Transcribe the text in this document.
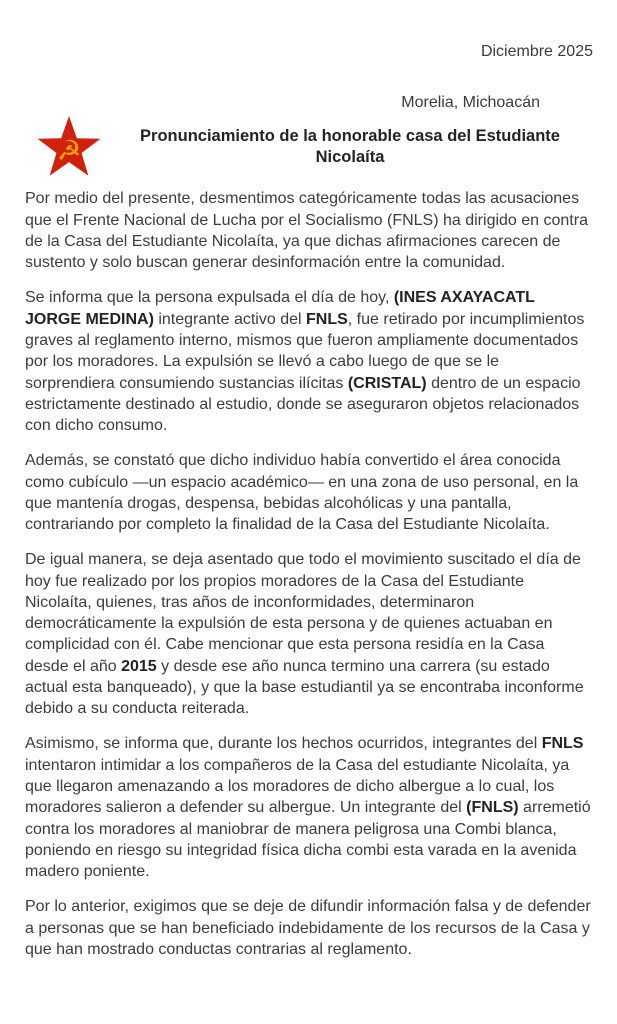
Diciembre 2025
Morelia, Michoacán
☭	Pronunciamiento de la honorable casa del Estudiante Nicolaíta

Por medio del presente, desmentimos categóricamente todas las acusaciones que el Frente Nacional de Lucha por el Socialismo (FNLS) ha dirigido en contra de la Casa del Estudiante Nicolaíta, ya que dichas afirmaciones carecen de sustento y solo buscan generar desinformación entre la comunidad.

Se informa que la persona expulsada el día de hoy, (INES AXAYACATL JORGE MEDINA) integrante activo del FNLS, fue retirado por incumplimientos graves al reglamento interno, mismos que fueron ampliamente documentados por los moradores. La expulsión se llevó a cabo luego de que se le sorprendiera consumiendo sustancias ilícitas (CRISTAL) dentro de un espacio estrictamente destinado al estudio, donde se aseguraron objetos relacionados con dicho consumo.

Además, se constató que dicho individuo había convertido el área conocida como cubículo —un espacio académico— en una zona de uso personal, en la que mantenía drogas, despensa, bebidas alcohólicas y una pantalla, contrariando por completo la finalidad de la Casa del Estudiante Nicolaíta.

De igual manera, se deja asentado que todo el movimiento suscitado el día de hoy fue realizado por los propios moradores de la Casa del Estudiante Nicolaíta, quienes, tras años de inconformidades, determinaron democráticamente la expulsión de esta persona y de quienes actuaban en complicidad con él. Cabe mencionar que esta persona residía en la Casa desde el año 2015 y desde ese año nunca termino una carrera (su estado actual esta banqueado), y que la base estudiantil ya se encontraba inconforme debido a su conducta reiterada.

Asimismo, se informa que, durante los hechos ocurridos, integrantes del FNLS intentaron intimidar a los compañeros de la Casa del estudiante Nicolaíta, ya que llegaron amenazando a los moradores de dicho albergue a lo cual, los moradores salieron a defender su albergue. Un integrante del (FNLS) arremetió contra los moradores al maniobrar de manera peligrosa una Combi blanca, poniendo en riesgo su integridad física dicha combi esta varada en la avenida madero poniente.

Por lo anterior, exigimos que se deje de difundir información falsa y de defender a personas que se han beneficiado indebidamente de los recursos de la Casa y que han mostrado conductas contrarias al reglamento.
